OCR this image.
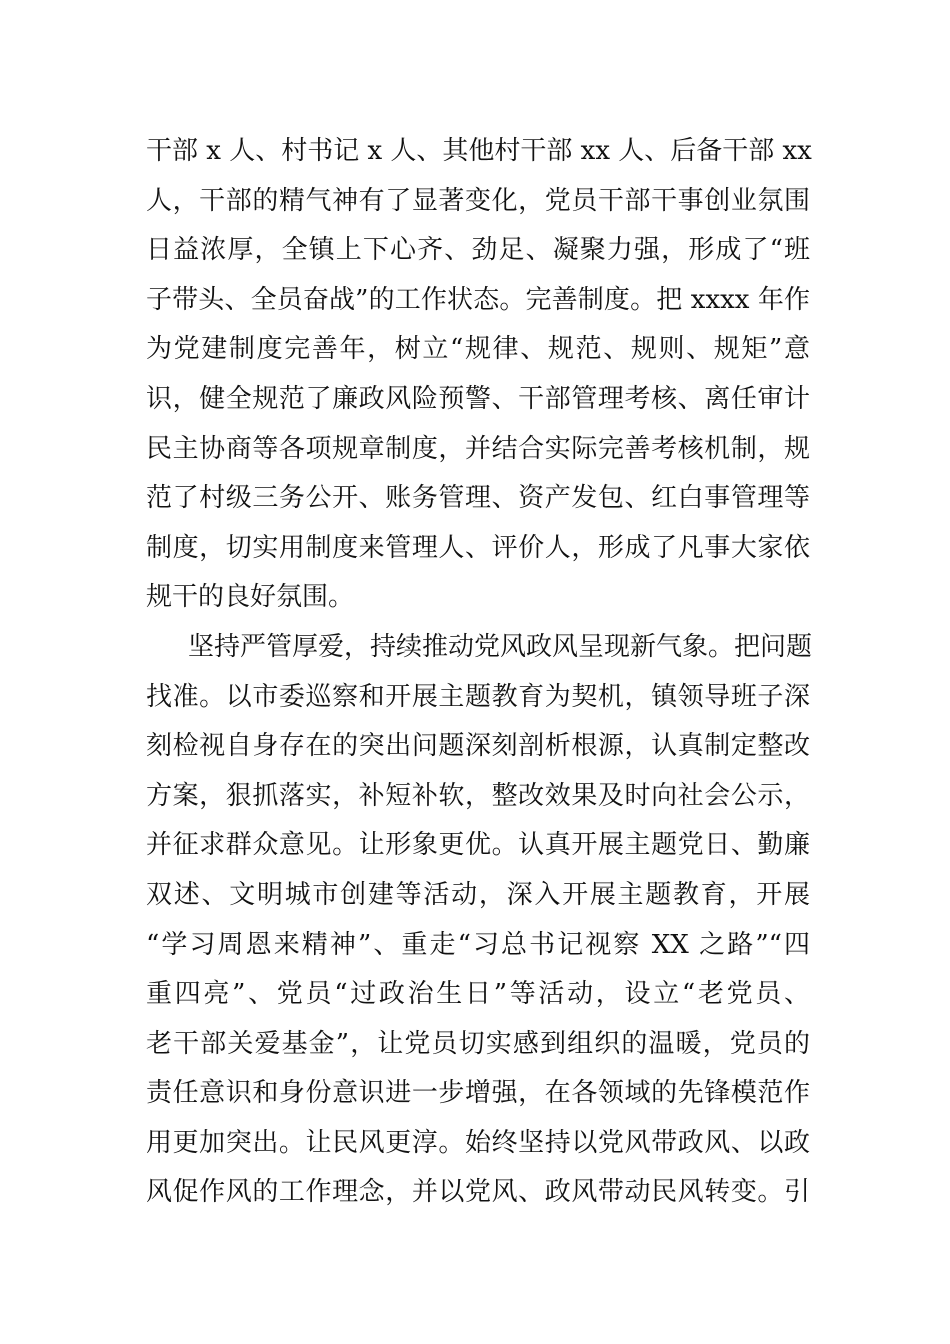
干部 x 人、村书记 x 人、其他村干部 xx 人、后备干部 xx
人，干部的精气神有了显著变化，党员干部干事创业氛围
日益浓厚，全镇上下心齐、劲足、凝聚力强，形成了“班
子带头、全员奋战”的工作状态。完善制度。把 xxxx 年作
为党建制度完善年，树立“规律、规范、规则、规矩”意
识，健全规范了廉政风险预警、干部管理考核、离任审计
民主协商等各项规章制度，并结合实际完善考核机制，规
范了村级三务公开、账务管理、资产发包、红白事管理等
制度，切实用制度来管理人、评价人，形成了凡事大家依
规干的良好氛围。
坚持严管厚爱，持续推动党风政风呈现新气象。把问题
找准。以市委巡察和开展主题教育为契机，镇领导班子深
刻检视自身存在的突出问题深刻剖析根源，认真制定整改
方案，狠抓落实，补短补软，整改效果及时向社会公示，
并征求群众意见。让形象更优。认真开展主题党日、勤廉
双述、文明城市创建等活动，深入开展主题教育，开展
“学习周恩来精神”、重走“习总书记视察 XX 之路”“四
重四亮”、党员“过政治生日”等活动，设立“老党员、
老干部关爱基金”，让党员切实感到组织的温暖，党员的
责任意识和身份意识进一步增强，在各领域的先锋模范作
用更加突出。让民风更淳。始终坚持以党风带政风、以政
风促作风的工作理念，并以党风、政风带动民风转变。引
